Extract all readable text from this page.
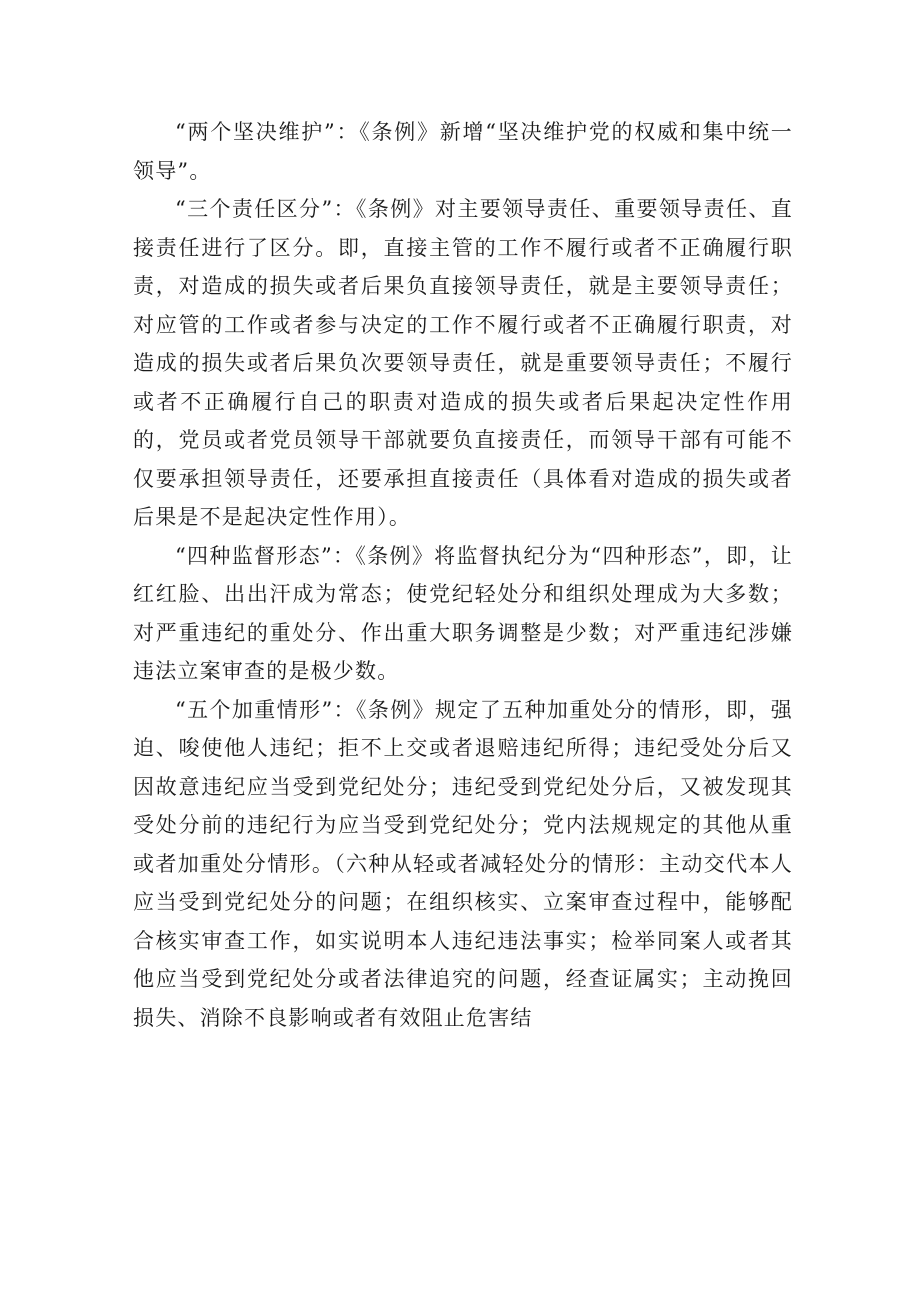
“两个坚决维护”：《条例》新增“坚决维护党的权威和集中统一领导”。

“三个责任区分”：《条例》对主要领导责任、重要领导责任、直接责任进行了区分。即，直接主管的工作不履行或者不正确履行职责，对造成的损失或者后果负直接领导责任，就是主要领导责任；对应管的工作或者参与决定的工作不履行或者不正确履行职责，对造成的损失或者后果负次要领导责任，就是重要领导责任；不履行或者不正确履行自己的职责对造成的损失或者后果起决定性作用的，党员或者党员领导干部就要负直接责任，而领导干部有可能不仅要承担领导责任，还要承担直接责任（具体看对造成的损失或者后果是不是起决定性作用）。

“四种监督形态”：《条例》将监督执纪分为“四种形态”，即，让红红脸、出出汗成为常态；使党纪轻处分和组织处理成为大多数；对严重违纪的重处分、作出重大职务调整是少数；对严重违纪涉嫌违法立案审查的是极少数。

“五个加重情形”：《条例》规定了五种加重处分的情形，即，强迫、唆使他人违纪；拒不上交或者退赔违纪所得；违纪受处分后又因故意违纪应当受到党纪处分；违纪受到党纪处分后，又被发现其受处分前的违纪行为应当受到党纪处分；党内法规规定的其他从重或者加重处分情形。（六种从轻或者减轻处分的情形：主动交代本人应当受到党纪处分的问题；在组织核实、立案审查过程中，能够配合核实审查工作，如实说明本人违纪违法事实；检举同案人或者其他应当受到党纪处分或者法律追究的问题，经查证属实；主动挽回损失、消除不良影响或者有效阻止危害结
